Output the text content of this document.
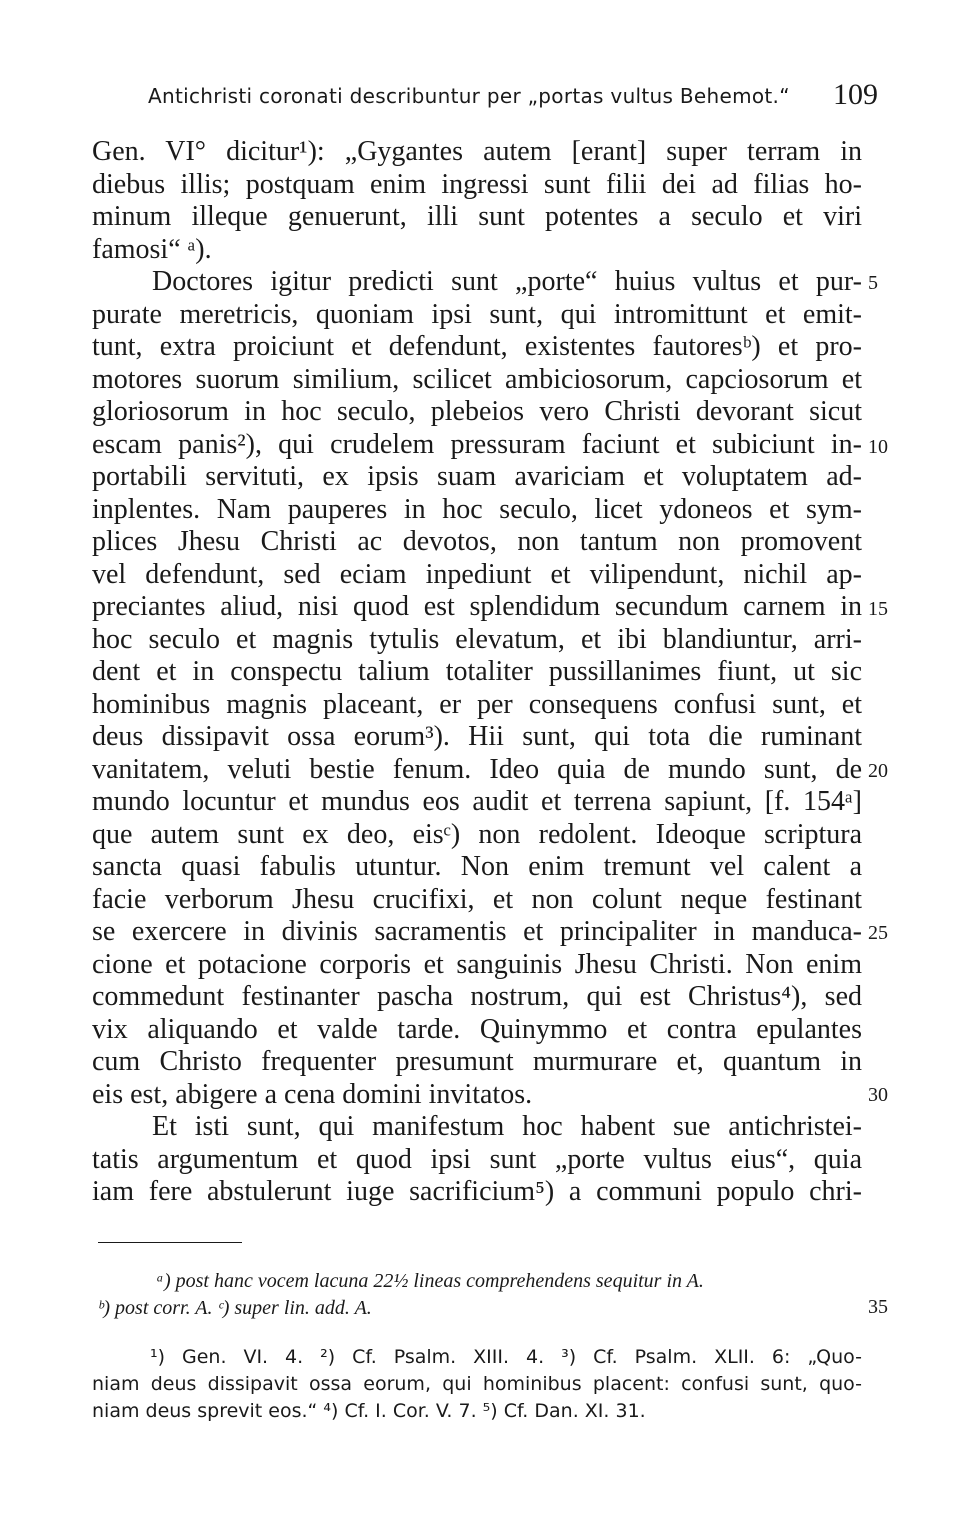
Antichristi coronati describuntur per „portas vultus Behemot.“ 109
Gen. VI° dicitur¹): „Gygantes autem [erant] super terram in
diebus illis; postquam enim ingressi sunt filii dei ad filias ho-
minum illeque genuerunt, illi sunt potentes a seculo et viri
famosi“ ᵃ).
Doctores igitur predicti sunt „porte“ huius vultus et pur-
purate meretricis, quoniam ipsi sunt, qui intromittunt et emit-
tunt, extra proiciunt et defendunt, existentes fautoresᵇ) et pro-
motores suorum similium, scilicet ambiciosorum, capciosorum et
gloriosorum in hoc seculo, plebeios vero Christi devorant sicut
escam panis²), qui crudelem pressuram faciunt et subiciunt in-
portabili servituti, ex ipsis suam avariciam et voluptatem ad-
inplentes. Nam pauperes in hoc seculo, licet ydoneos et sym-
plices Jhesu Christi ac devotos, non tantum non promovent
vel defendunt, sed eciam inpediunt et vilipendunt, nichil ap-
preciantes aliud, nisi quod est splendidum secundum carnem in
hoc seculo et magnis tytulis elevatum, et ibi blandiuntur, arri-
dent et in conspectu talium totaliter pussillanimes fiunt, ut sic
hominibus magnis placeant, er per consequens confusi sunt, et
deus dissipavit ossa eorum³). Hii sunt, qui tota die ruminant
vanitatem, veluti bestie fenum. Ideo quia de mundo sunt, de
mundo locuntur et mundus eos audit et terrena sapiunt, [f. 154ᵃ]
que autem sunt ex deo, eisᶜ) non redolent. Ideoque scriptura
sancta quasi fabulis utuntur. Non enim tremunt vel calent a
facie verborum Jhesu crucifixi, et non colunt neque festinant
se exercere in divinis sacramentis et principaliter in manduca-
cione et potacione corporis et sanguinis Jhesu Christi. Non enim
commedunt festinanter pascha nostrum, qui est Christus⁴), sed
vix aliquando et valde tarde. Quinymmo et contra epulantes
cum Christo frequenter presumunt murmurare et, quantum in
eis est, abigere a cena domini invitatos.
Et isti sunt, qui manifestum hoc habent sue antichristei-
tatis argumentum et quod ipsi sunt „porte vultus eius“, quia
iam fere abstulerunt iuge sacrificium⁵) a communi populo chri-
5
10
15
20
25
30
35
ᵃ) post hanc vocem lacuna 22½ lineas comprehendens sequitur in A.
ᵇ) post corr. A. ᶜ) super lin. add. A.
¹) Gen. VI. 4. ²) Cf. Psalm. XIII. 4. ³) Cf. Psalm. XLII. 6: „Quo-
niam deus dissipavit ossa eorum, qui hominibus placent: confusi sunt, quo-
niam deus sprevit eos.“ ⁴) Cf. I. Cor. V. 7. ⁵) Cf. Dan. XI. 31.
